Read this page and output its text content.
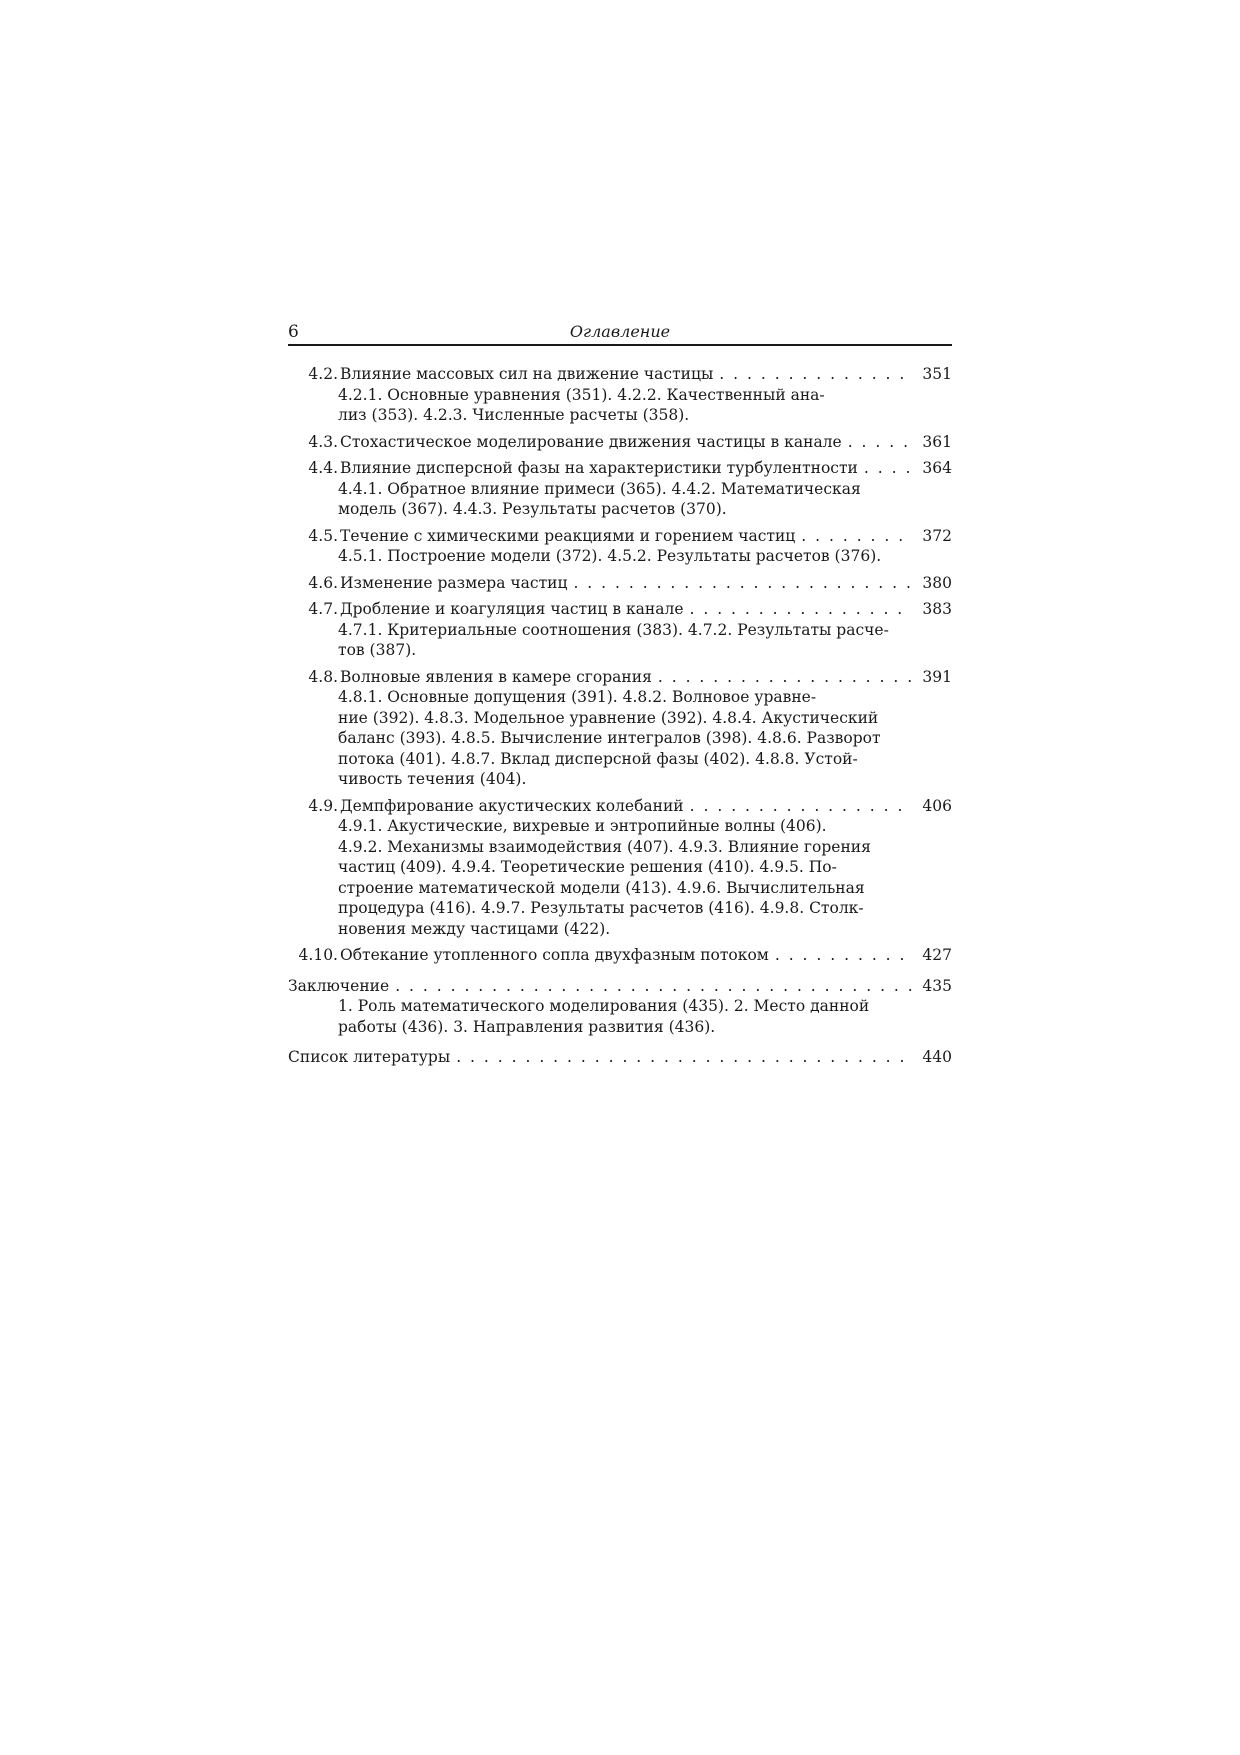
6	Оглавление
4.2. Влияние массовых сил на движение частицы . . .	351
4.2.1. Основные уравнения (351). 4.2.2. Качественный ана-
лиз (353). 4.2.3. Численные расчеты (358).
4.3. Стохастическое моделирование движения частицы в канале . . .	361
4.4. Влияние дисперсной фазы на характеристики турбулентности . . .	364
4.4.1. Обратное влияние примеси (365). 4.4.2. Математическая
модель (367). 4.4.3. Результаты расчетов (370).
4.5. Течение с химическими реакциями и горением частиц . . .	372
4.5.1. Построение модели (372). 4.5.2. Результаты расчетов (376).
4.6. Изменение размера частиц . . .	380
4.7. Дробление и коагуляция частиц в канале . . .	383
4.7.1. Критериальные соотношения (383). 4.7.2. Результаты расче-
тов (387).
4.8. Волновые явления в камере сгорания . . .	391
4.8.1. Основные допущения (391). 4.8.2. Волновое уравне-
ние (392). 4.8.3. Модельное уравнение (392). 4.8.4. Акустический
баланс (393). 4.8.5. Вычисление интегралов (398). 4.8.6. Разворот
потока (401). 4.8.7. Вклад дисперсной фазы (402). 4.8.8. Устой-
чивость течения (404).
4.9. Демпфирование акустических колебаний . . .	406
4.9.1. Акустические, вихревые и энтропийные волны (406).
4.9.2. Механизмы взаимодействия (407). 4.9.3. Влияние горения
частиц (409). 4.9.4. Теоретические решения (410). 4.9.5. По-
строение математической модели (413). 4.9.6. Вычислительная
процедура (416). 4.9.7. Результаты расчетов (416). 4.9.8. Столк-
новения между частицами (422).
4.10. Обтекание утопленного сопла двухфазным потоком . . .	427
Заключение . . .	435
1. Роль математического моделирования (435). 2. Место данной
работы (436). 3. Направления развития (436).
Список литературы . . .	440
